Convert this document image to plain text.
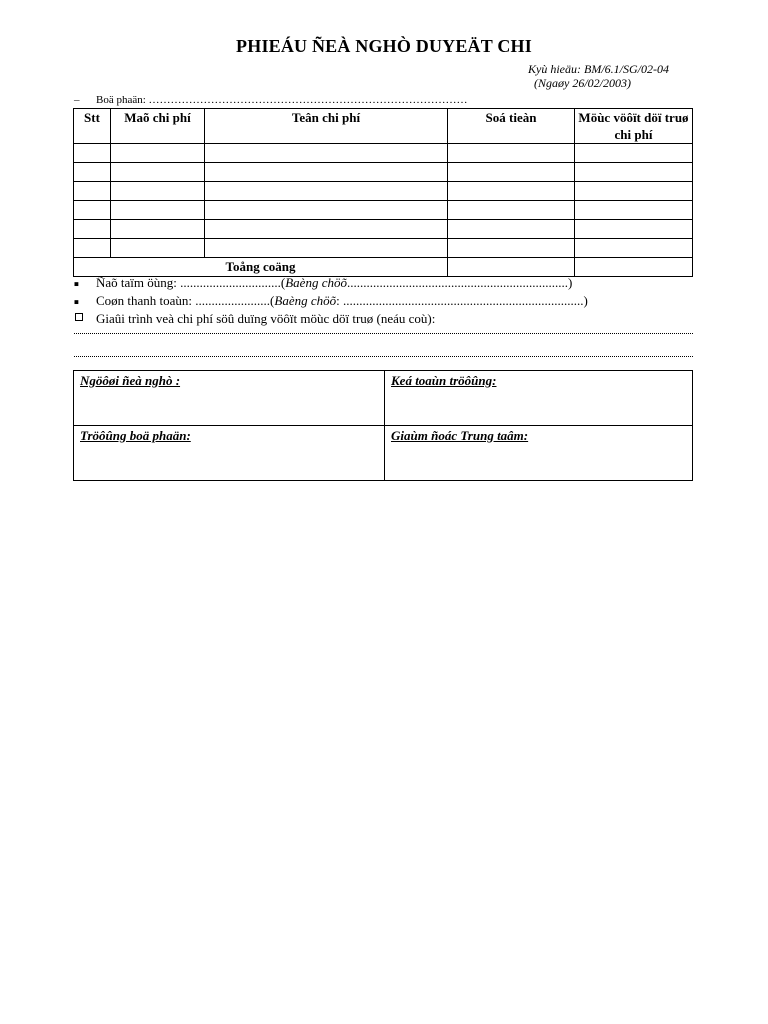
PHIEÁU ÑEÀ NGHÒ DUYEÄT CHI
Kyù hieäu: BM/6.1/SG/02-04
(Ngaøy 26/02/2003)
– Boä phaän: ……………………………………………………………………………
Stt	Maõ chi phí	Teân chi phí	Soá tieàn	Möùc vöôït döï truø chi phí

Toång coäng				
■ Ñaõ taïm öùng: ...............................(Baèng chöõ....................................................................)
■ Coøn thanh toaùn: .......................(Baèng chöõ: ..........................................................................)
Giaûi trình veà chi phí söû duïng vöôït möùc döï truø (neáu coù):
Ngöôøi ñeà nghò :	Keá toaùn tröôûng:
Tröôûng boä phaän:	Giaùm ñoác Trung taâm:
